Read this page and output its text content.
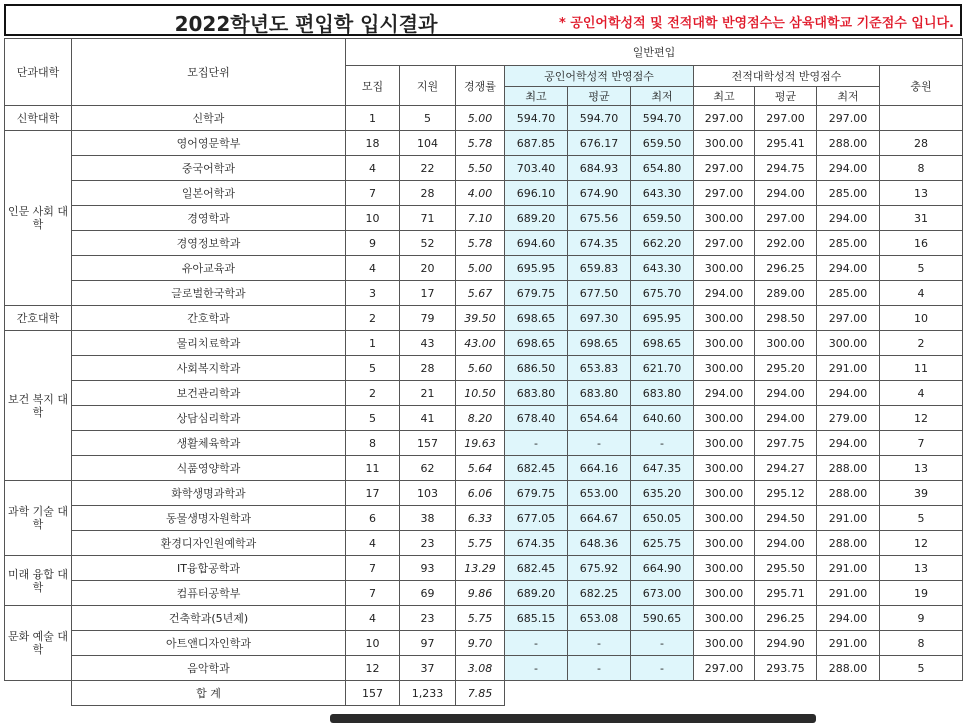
2022학년도 편입학 입시결과	* 공인어학성적 및 전적대학 반영점수는 삼육대학교 기준점수 입니다.
단과대학	모집단위	일반편입									
		모집	지원	경쟁률	공인어학성적 반영점수			전적대학성적 반영점수			충원
					최고	평균	최저	최고	평균	최저	
신학대학	신학과	1	5	5.00	594.70	594.70	594.70	297.00	297.00	297.00	
인문 사회 대학	영어영문학부	18	104	5.78	687.85	676.17	659.50	300.00	295.41	288.00	28
	중국어학과	4	22	5.50	703.40	684.93	654.80	297.00	294.75	294.00	8
	일본어학과	7	28	4.00	696.10	674.90	643.30	297.00	294.00	285.00	13
	경영학과	10	71	7.10	689.20	675.56	659.50	300.00	297.00	294.00	31
	경영정보학과	9	52	5.78	694.60	674.35	662.20	297.00	292.00	285.00	16
	유아교육과	4	20	5.00	695.95	659.83	643.30	300.00	296.25	294.00	5
	글로벌한국학과	3	17	5.67	679.75	677.50	675.70	294.00	289.00	285.00	4
간호대학	간호학과	2	79	39.50	698.65	697.30	695.95	300.00	298.50	297.00	10
보건 복지 대학	물리치료학과	1	43	43.00	698.65	698.65	698.65	300.00	300.00	300.00	2
	사회복지학과	5	28	5.60	686.50	653.83	621.70	300.00	295.20	291.00	11
	보건관리학과	2	21	10.50	683.80	683.80	683.80	294.00	294.00	294.00	4
	상담심리학과	5	41	8.20	678.40	654.64	640.60	300.00	294.00	279.00	12
	생활체육학과	8	157	19.63	-	-	-	300.00	297.75	294.00	7
	식품영양학과	11	62	5.64	682.45	664.16	647.35	300.00	294.27	288.00	13
과학 기술 대학	화학생명과학과	17	103	6.06	679.75	653.00	635.20	300.00	295.12	288.00	39
	동물생명자원학과	6	38	6.33	677.05	664.67	650.05	300.00	294.50	291.00	5
	환경디자인원예학과	4	23	5.75	674.35	648.36	625.75	300.00	294.00	288.00	12
미래 융합 대학	IT융합공학과	7	93	13.29	682.45	675.92	664.90	300.00	295.50	291.00	13
	컴퓨터공학부	7	69	9.86	689.20	682.25	673.00	300.00	295.71	291.00	19
문화 예술 대학	건축학과(5년제)	4	23	5.75	685.15	653.08	590.65	300.00	296.25	294.00	9
	아트앤디자인학과	10	97	9.70	-	-	-	300.00	294.90	291.00	8
	음악학과	12	37	3.08	-	-	-	297.00	293.75	288.00	5
	합 계	157	1,233	7.85							
